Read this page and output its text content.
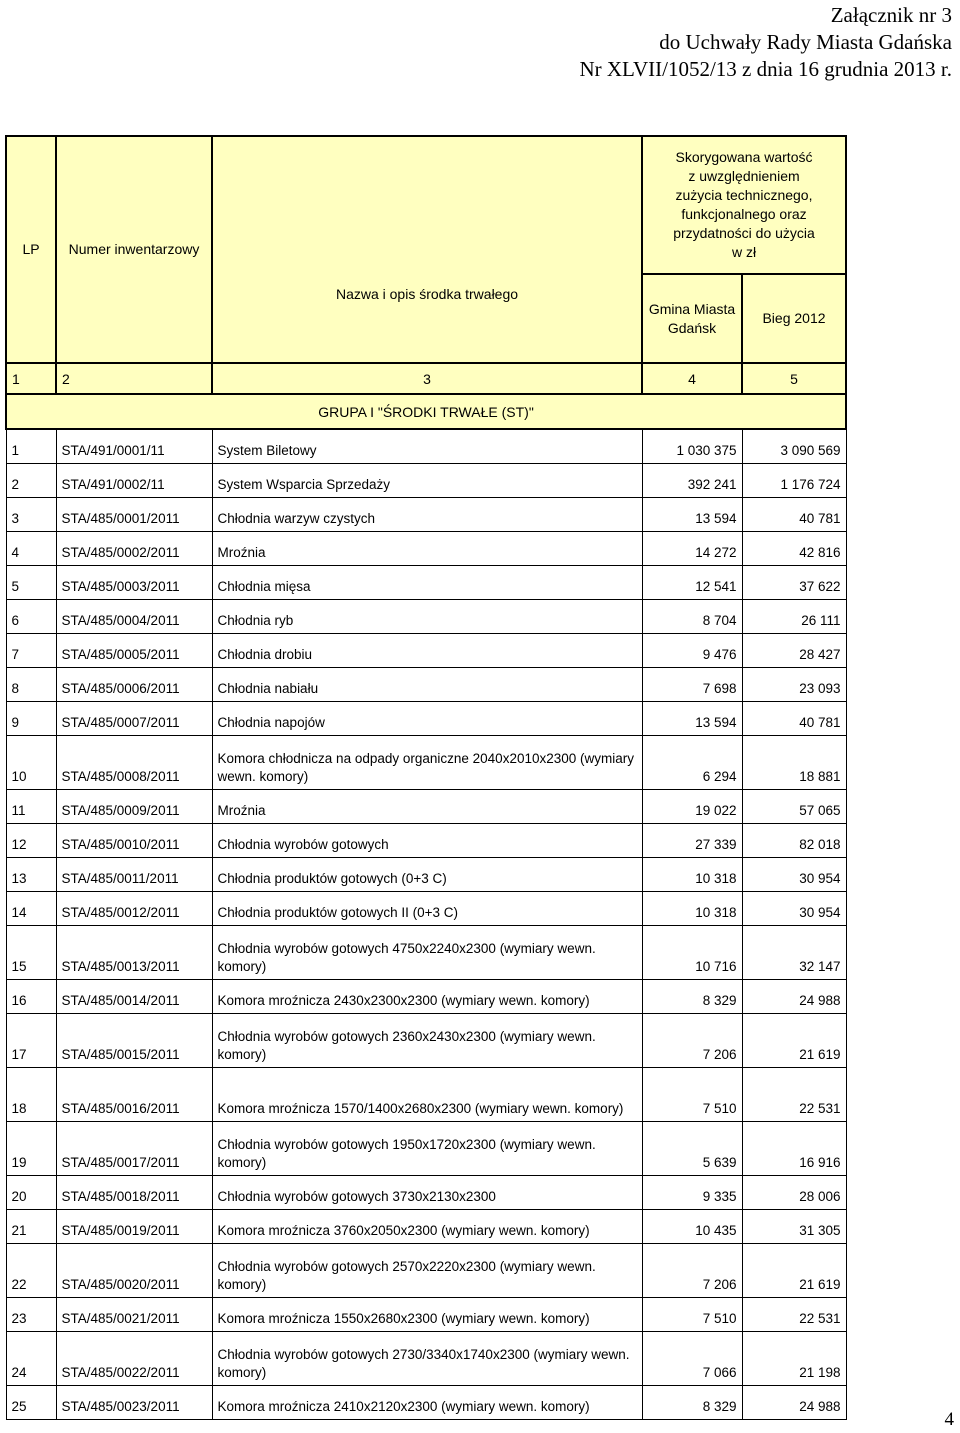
Załącznik nr 3
do Uchwały Rady Miasta Gdańska
Nr XLVII/1052/13 z dnia 16 grudnia 2013 r.
LP	Numer inwentarzowy	Nazwa i opis środka trwałego	Skorygowana wartość z uwzględnieniem zużycia technicznego, funkcjonalnego oraz przydatności do użycia w zł	
			Gmina Miasta Gdańsk	Bieg 2012
1	2	3	4	5
GRUPA I "ŚRODKI TRWAŁE (ST)"				
1	STA/491/0001/11	System Biletowy	1 030 375	3 090 569
2	STA/491/0002/11	System Wsparcia Sprzedaży	392 241	1 176 724
3	STA/485/0001/2011	Chłodnia warzyw czystych	13 594	40 781
4	STA/485/0002/2011	Mroźnia	14 272	42 816
5	STA/485/0003/2011	Chłodnia mięsa	12 541	37 622
6	STA/485/0004/2011	Chłodnia ryb	8 704	26 111
7	STA/485/0005/2011	Chłodnia drobiu	9 476	28 427
8	STA/485/0006/2011	Chłodnia nabiału	7 698	23 093
9	STA/485/0007/2011	Chłodnia napojów	13 594	40 781
10	STA/485/0008/2011	Komora chłodnicza na odpady organiczne 2040x2010x2300 (wymiary wewn. komory)	6 294	18 881
11	STA/485/0009/2011	Mroźnia	19 022	57 065
12	STA/485/0010/2011	Chłodnia wyrobów gotowych	27 339	82 018
13	STA/485/0011/2011	Chłodnia produktów gotowych (0+3 C)	10 318	30 954
14	STA/485/0012/2011	Chłodnia produktów gotowych II (0+3 C)	10 318	30 954
15	STA/485/0013/2011	Chłodnia wyrobów gotowych 4750x2240x2300 (wymiary wewn. komory)	10 716	32 147
16	STA/485/0014/2011	Komora mroźnicza 2430x2300x2300 (wymiary wewn. komory)	8 329	24 988
17	STA/485/0015/2011	Chłodnia wyrobów gotowych 2360x2430x2300 (wymiary wewn. komory)	7 206	21 619
18	STA/485/0016/2011	Komora mroźnicza 1570/1400x2680x2300 (wymiary wewn. komory)	7 510	22 531
19	STA/485/0017/2011	Chłodnia wyrobów gotowych 1950x1720x2300 (wymiary wewn. komory)	5 639	16 916
20	STA/485/0018/2011	Chłodnia wyrobów gotowych 3730x2130x2300	9 335	28 006
21	STA/485/0019/2011	Komora mroźnicza 3760x2050x2300 (wymiary wewn. komory)	10 435	31 305
22	STA/485/0020/2011	Chłodnia wyrobów gotowych 2570x2220x2300 (wymiary wewn. komory)	7 206	21 619
23	STA/485/0021/2011	Komora mroźnicza 1550x2680x2300 (wymiary wewn. komory)	7 510	22 531
24	STA/485/0022/2011	Chłodnia wyrobów gotowych 2730/3340x1740x2300 (wymiary wewn. komory)	7 066	21 198
25	STA/485/0023/2011	Komora mroźnicza 2410x2120x2300 (wymiary wewn. komory)	8 329	24 988
4
